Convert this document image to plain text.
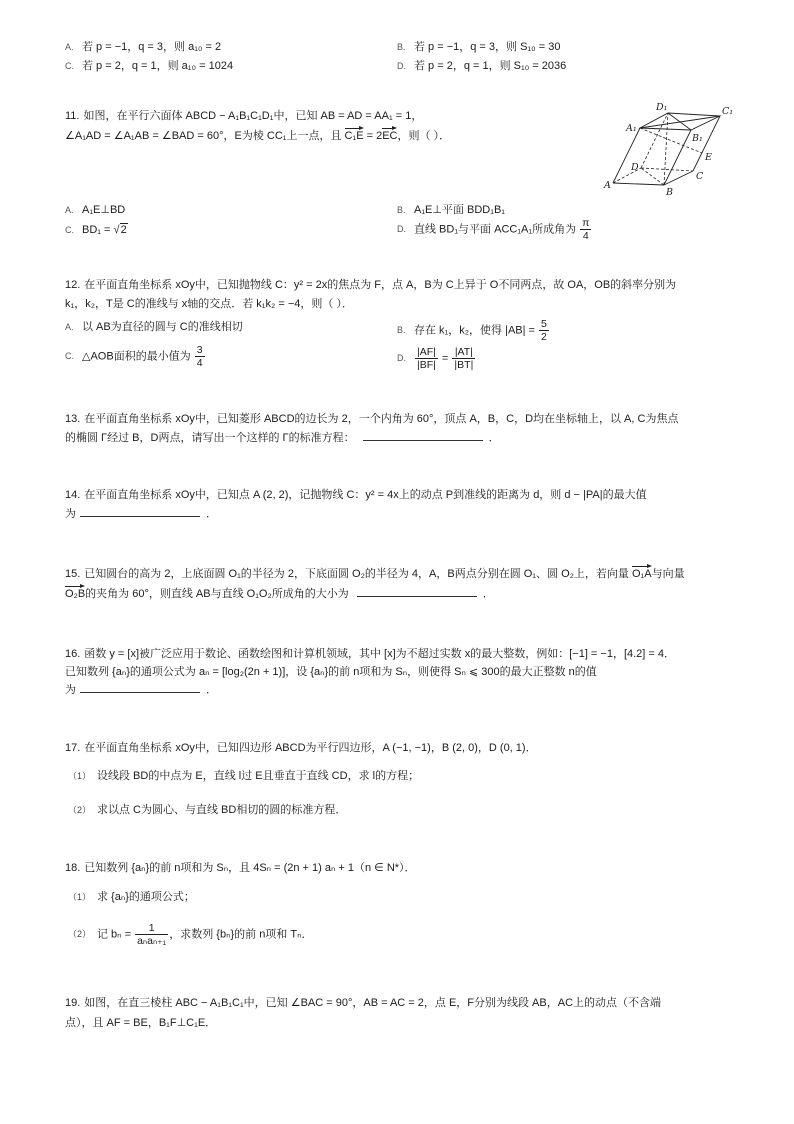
A. 若 p = −1，q = 3，则 a₁₀ = 2	B. 若 p = −1，q = 3，则 S₁₀ = 30
C. 若 p = 2，q = 1，则 a₁₀ = 1024	D. 若 p = 2，q = 1，则 S₁₀ = 2036
11. 如图，在平行六面体 ABCD − A₁B₁C₁D₁中，已知 AB = AD = AA₁ = 1，
∠A₁AD = ∠A₁AB = ∠BAD = 60°，E为棱 CC₁上一点，且 C₁E = 2EC，则（ ）．
D₁	C₁
A₁
B₁
E
C
D
A
B
A. A₁E⊥BD	B. A₁E⊥平面 BDD₁B₁
C. BD₁ = √2	D. 直线 BD₁与平面 ACC₁A₁所成角为 $\frac{\pi}{4}$
12. 在平面直角坐标系 xOy中，已知抛物线 C：y² = 2x的焦点为 F，点 A，B为 C上异于 O不同两点，故 OA，OB的斜率分别为
k₁，k₂，T是 C的准线与 x轴的交点．若 k₁k₂ = −4，则（ ）．
A. 以 AB为直径的圆与 C的准线相切	B. 存在 k₁，k₂，使得 $|AB| = \frac{5}{2}$
C. △AOB面积的最小值为 $\frac{3}{4}$	D. $\frac{|AF|}{|BF|} = \frac{|AT|}{|BT|}$
13. 在平面直角坐标系 xOy中，已知菱形 ABCD的边长为 2，一个内角为 60°，顶点 A，B，C，D均在坐标轴上，以 A, C为焦点
的椭圆 Γ经过 B，D两点，请写出一个这样的 Γ的标准方程：	．
14. 在平面直角坐标系 xOy中，已知点 A (2, 2)，记抛物线 C：y² = 4x上的动点 P到准线的距离为 d，则 d − |PA|的最大值
为	．
15. 已知圆台的高为 2，上底面圆 O₁的半径为 2，下底面圆 O₂的半径为 4，A，B两点分别在圆 O₁、圆 O₂上，若向量 O₁A与向量
O₂B的夹角为 60°，则直线 AB与直线 O₁O₂所成角的大小为	．
16. 函数 y = [x]被广泛应用于数论、函数绘图和计算机领域，其中 [x]为不超过实数 x的最大整数，例如：[−1] = −1，[4.2] = 4．
已知数列 {aₙ}的通项公式为 aₙ = [log₂(2n + 1)]，设 {aₙ}的前 n项和为 Sₙ，则使得 Sₙ ⩽ 300的最大正整数 n的值
为	．
17. 在平面直角坐标系 xOy中，已知四边形 ABCD为平行四边形，A (−1, −1)，B (2, 0)，D (0, 1)．
（1） 设线段 BD的中点为 E，直线 l过 E且垂直于直线 CD，求 l的方程；
（2） 求以点 C为圆心、与直线 BD相切的圆的标准方程．
18. 已知数列 {aₙ}的前 n项和为 Sₙ，且 4Sₙ = (2n + 1) aₙ + 1（n ∈ N*）．
（1） 求 {aₙ}的通项公式；
（2） 记 $b_n = \frac{1}{\text{aₙaₙ₊₁}}$ ，求数列 {bₙ}的前 n项和 Tₙ．
19. 如图，在直三棱柱 ABC − A₁B₁C₁中，已知 ∠BAC = 90°，AB = AC = 2，点 E，F分别为线段 AB，AC上的动点（不含端
点），且 AF = BE，B₁F⊥C₁E．
